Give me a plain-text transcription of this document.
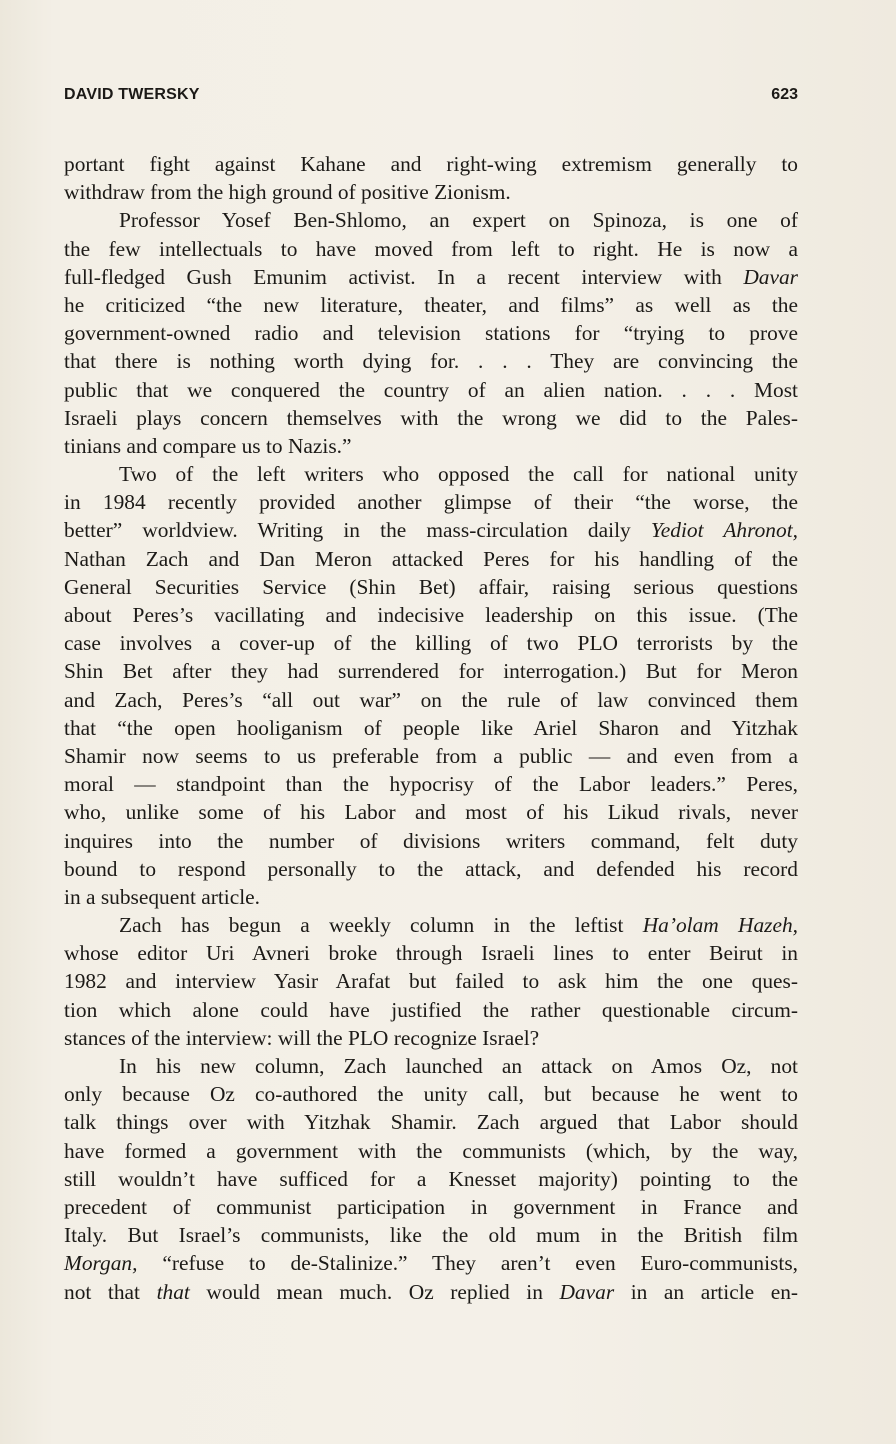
DAVID TWERSKY	623
portant fight against Kahane and right-wing extremism generally to
withdraw from the high ground of positive Zionism.
Professor Yosef Ben-Shlomo, an expert on Spinoza, is one of
the few intellectuals to have moved from left to right. He is now a
full-fledged Gush Emunim activist. In a recent interview with Davar
he criticized “the new literature, theater, and films” as well as the
government-owned radio and television stations for “trying to prove
that there is nothing worth dying for. . . . They are convincing the
public that we conquered the country of an alien nation. . . . Most
Israeli plays concern themselves with the wrong we did to the Pales-
tinians and compare us to Nazis.”
Two of the left writers who opposed the call for national unity
in 1984 recently provided another glimpse of their “the worse, the
better” worldview. Writing in the mass-circulation daily Yediot Ahronot,
Nathan Zach and Dan Meron attacked Peres for his handling of the
General Securities Service (Shin Bet) affair, raising serious questions
about Peres’s vacillating and indecisive leadership on this issue. (The
case involves a cover-up of the killing of two PLO terrorists by the
Shin Bet after they had surrendered for interrogation.) But for Meron
and Zach, Peres’s “all out war” on the rule of law convinced them
that “the open hooliganism of people like Ariel Sharon and Yitzhak
Shamir now seems to us preferable from a public — and even from a
moral — standpoint than the hypocrisy of the Labor leaders.” Peres,
who, unlike some of his Labor and most of his Likud rivals, never
inquires into the number of divisions writers command, felt duty
bound to respond personally to the attack, and defended his record
in a subsequent article.
Zach has begun a weekly column in the leftist Ha’olam Hazeh,
whose editor Uri Avneri broke through Israeli lines to enter Beirut in
1982 and interview Yasir Arafat but failed to ask him the one ques-
tion which alone could have justified the rather questionable circum-
stances of the interview: will the PLO recognize Israel?
In his new column, Zach launched an attack on Amos Oz, not
only because Oz co-authored the unity call, but because he went to
talk things over with Yitzhak Shamir. Zach argued that Labor should
have formed a government with the communists (which, by the way,
still wouldn’t have sufficed for a Knesset majority) pointing to the
precedent of communist participation in government in France and
Italy. But Israel’s communists, like the old mum in the British film
Morgan, “refuse to de-Stalinize.” They aren’t even Euro-communists,
not that that would mean much. Oz replied in Davar in an article en-
